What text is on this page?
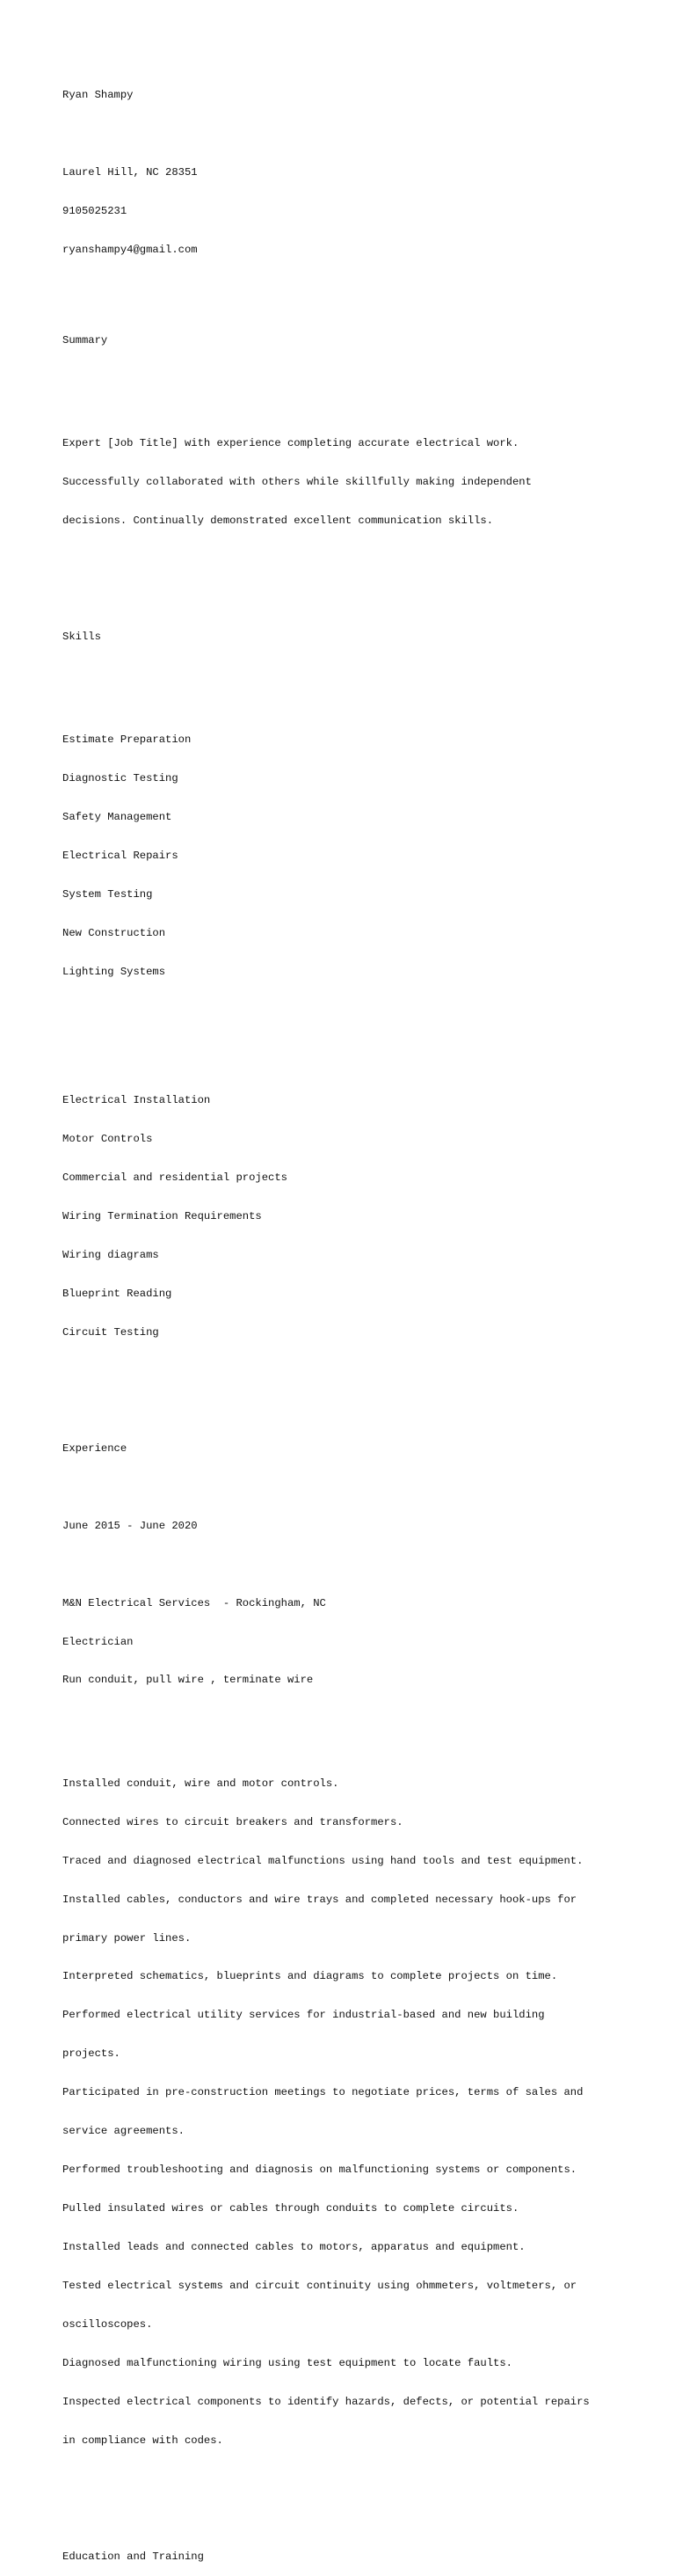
Ryan Shampy

Laurel Hill, NC 28351

9105025231

ryanshampy4@gmail.com

Summary

Expert [Job Title] with experience completing accurate electrical work.

Successfully collaborated with others while skillfully making independent

decisions. Continually demonstrated excellent communication skills.

Skills

Estimate Preparation

Diagnostic Testing

Safety Management

Electrical Repairs

System Testing

New Construction

Lighting Systems

Electrical Installation

Motor Controls

Commercial and residential projects

Wiring Termination Requirements

Wiring diagrams

Blueprint Reading

Circuit Testing

Experience

June 2015 - June 2020

M&N Electrical Services  - Rockingham, NC

Electrician

Run conduit, pull wire , terminate wire

Installed conduit, wire and motor controls.

Connected wires to circuit breakers and transformers.

Traced and diagnosed electrical malfunctions using hand tools and test equipment.

Installed cables, conductors and wire trays and completed necessary hook-ups for

primary power lines.

Interpreted schematics, blueprints and diagrams to complete projects on time.

Performed electrical utility services for industrial-based and new building

projects.

Participated in pre-construction meetings to negotiate prices, terms of sales and

service agreements.

Performed troubleshooting and diagnosis on malfunctioning systems or components.

Pulled insulated wires or cables through conduits to complete circuits.

Installed leads and connected cables to motors, apparatus and equipment.

Tested electrical systems and circuit continuity using ohmmeters, voltmeters, or

oscilloscopes.

Diagnosed malfunctioning wiring using test equipment to locate faults.

Inspected electrical components to identify hazards, defects, or potential repairs

in compliance with codes.

Education and Training
